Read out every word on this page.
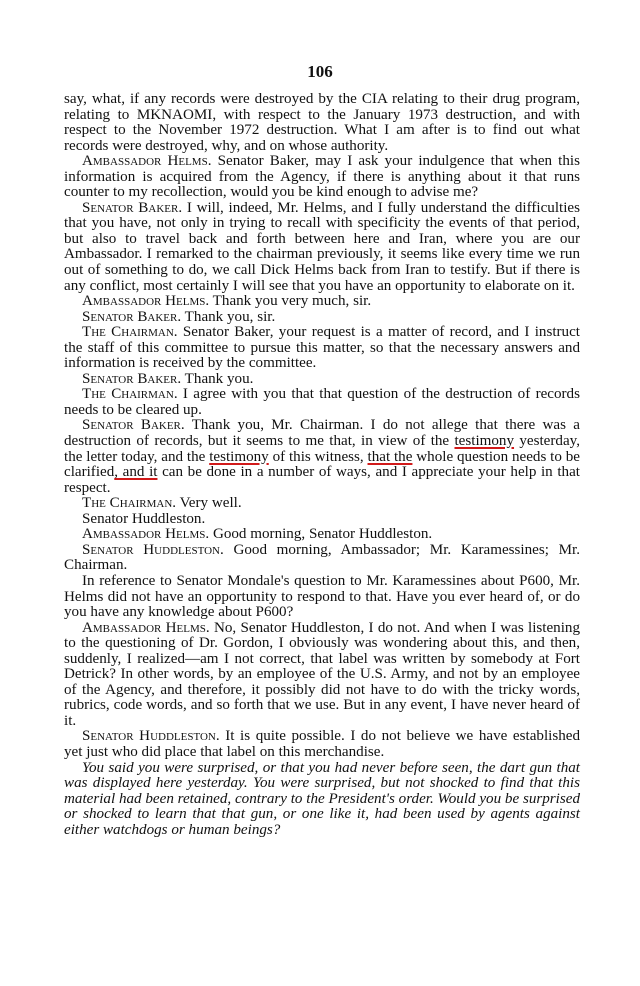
106

say, what, if any records were destroyed by the CIA relating to their drug program, relating to MKNAOMI, with respect to the January 1973 destruction, and with respect to the November 1972 destruction. What I am after is to find out what records were destroyed, why, and on whose authority.

Ambassador Helms. Senator Baker, may I ask your indulgence that when this information is acquired from the Agency, if there is anything about it that runs counter to my recollection, would you be kind enough to advise me?

Senator Baker. I will, indeed, Mr. Helms, and I fully understand the difficulties that you have, not only in trying to recall with specificity the events of that period, but also to travel back and forth between here and Iran, where you are our Ambassador. I remarked to the chairman previously, it seems like every time we run out of something to do, we call Dick Helms back from Iran to testify. But if there is any conflict, most certainly I will see that you have an opportunity to elaborate on it.

Ambassador Helms. Thank you very much, sir.

Senator Baker. Thank you, sir.

The Chairman. Senator Baker, your request is a matter of record, and I instruct the staff of this committee to pursue this matter, so that the necessary answers and information is received by the committee.

Senator Baker. Thank you.

The Chairman. I agree with you that that question of the destruction of records needs to be cleared up.

Senator Baker. Thank you, Mr. Chairman. I do not allege that there was a destruction of records, but it seems to me that, in view of the testimony yesterday, the letter today, and the testimony of this witness, that the whole question needs to be clarified, and it can be done in a number of ways, and I appreciate your help in that respect.

The Chairman. Very well.

Senator Huddleston.

Ambassador Helms. Good morning, Senator Huddleston.

Senator Huddleston. Good morning, Ambassador; Mr. Karamessines; Mr. Chairman.

In reference to Senator Mondale's question to Mr. Karamessines about P600, Mr. Helms did not have an opportunity to respond to that. Have you ever heard of, or do you have any knowledge about P600?

Ambassador Helms. No, Senator Huddleston, I do not. And when I was listening to the questioning of Dr. Gordon, I obviously was wondering about this, and then, suddenly, I realized—am I not correct, that label was written by somebody at Fort Detrick? In other words, by an employee of the U.S. Army, and not by an employee of the Agency, and therefore, it possibly did not have to do with the tricky words, rubrics, code words, and so forth that we use. But in any event, I have never heard of it.

Senator Huddleston. It is quite possible. I do not believe we have established yet just who did place that label on this merchandise.

You said you were surprised, or that you had never before seen, the dart gun that was displayed here yesterday. You were surprised, but not shocked to find that this material had been retained, contrary to the President's order. Would you be surprised or shocked to learn that that gun, or one like it, had been used by agents against either watchdogs or human beings?
